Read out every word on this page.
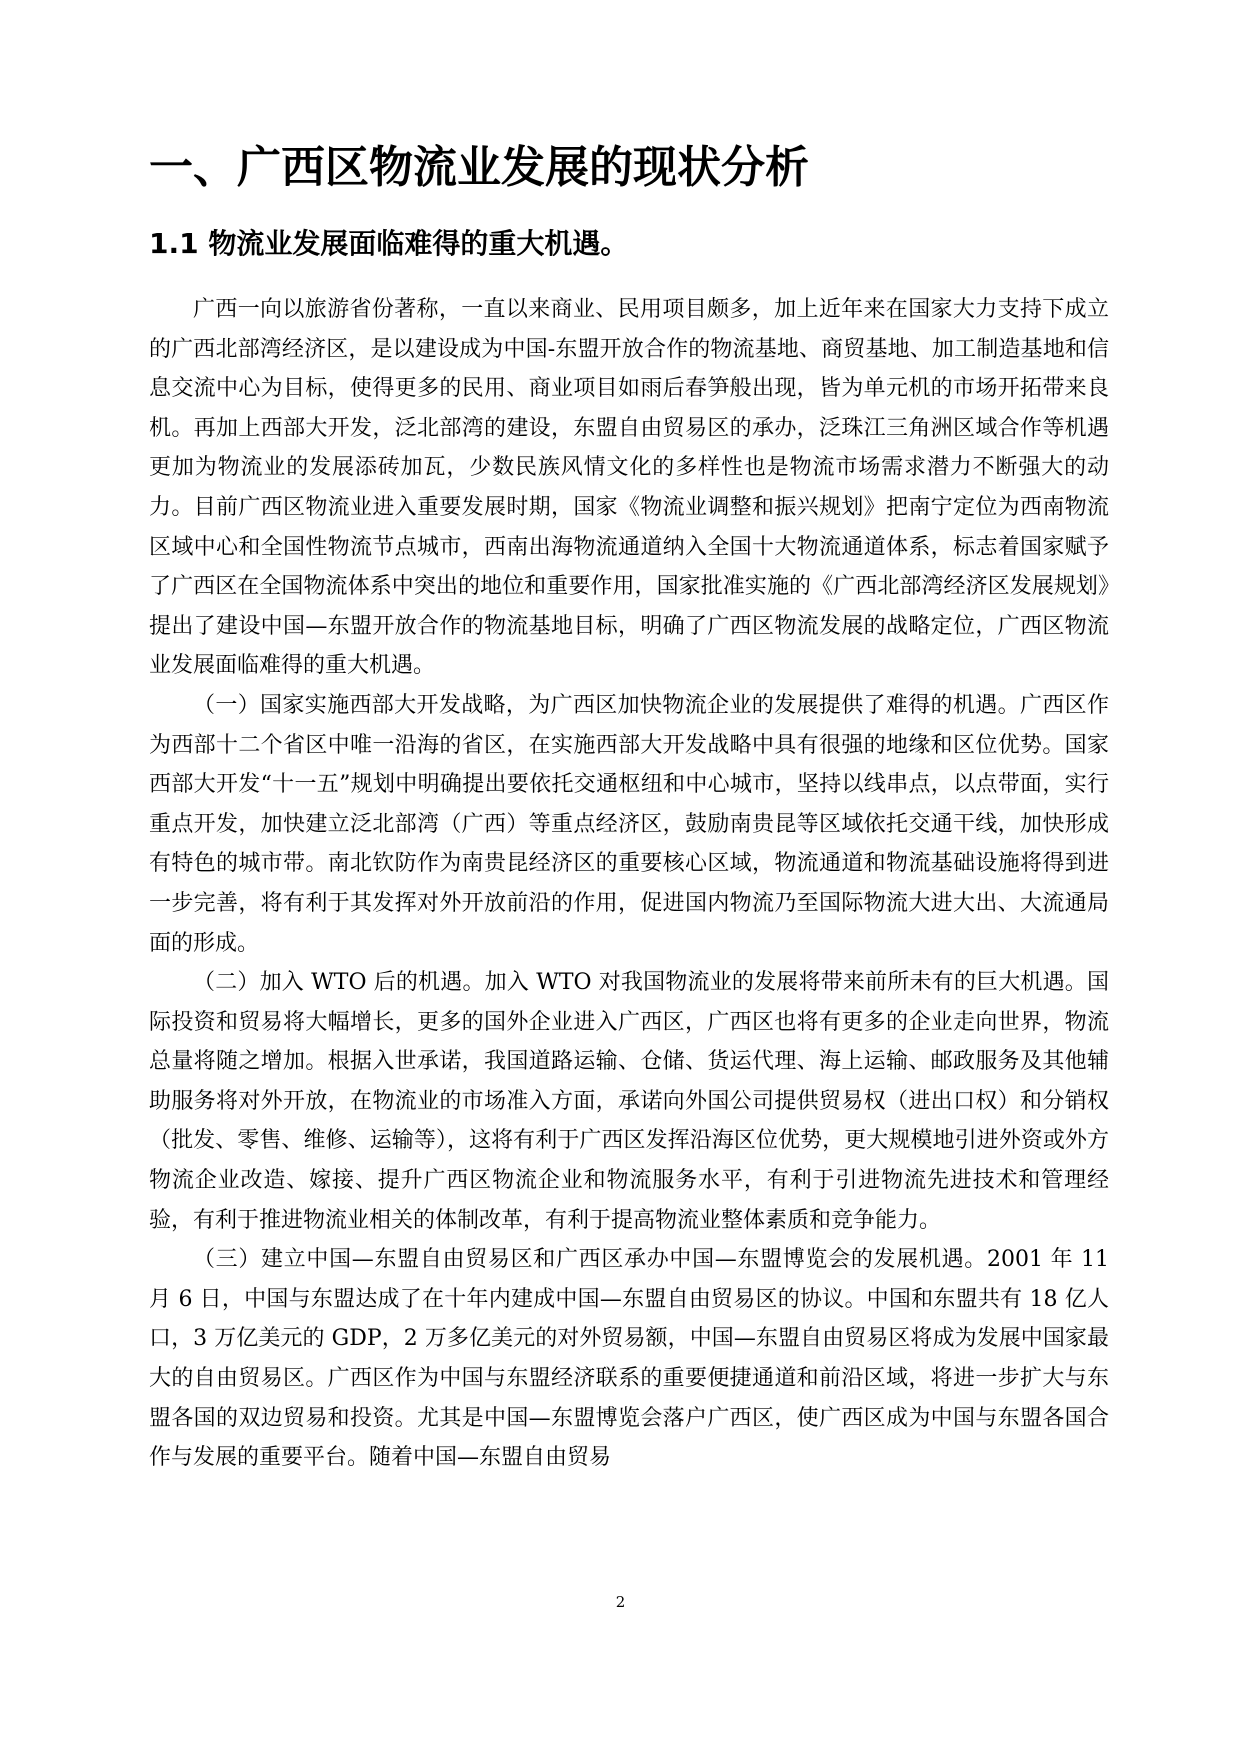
一、广西区物流业发展的现状分析
1.1 物流业发展面临难得的重大机遇。

广西一向以旅游省份著称，一直以来商业、民用项目颇多，加上近年来在国家大力支持下成立的广西北部湾经济区，是以建设成为中国-东盟开放合作的物流基地、商贸基地、加工制造基地和信息交流中心为目标，使得更多的民用、商业项目如雨后春笋般出现，皆为单元机的市场开拓带来良机。再加上西部大开发，泛北部湾的建设，东盟自由贸易区的承办，泛珠江三角洲区域合作等机遇更加为物流业的发展添砖加瓦，少数民族风情文化的多样性也是物流市场需求潜力不断强大的动力。目前广西区物流业进入重要发展时期，国家《物流业调整和振兴规划》把南宁定位为西南物流区域中心和全国性物流节点城市，西南出海物流通道纳入全国十大物流通道体系，标志着国家赋予了广西区在全国物流体系中突出的地位和重要作用，国家批准实施的《广西北部湾经济区发展规划》提出了建设中国—东盟开放合作的物流基地目标，明确了广西区物流发展的战略定位，广西区物流业发展面临难得的重大机遇。

（一）国家实施西部大开发战略，为广西区加快物流企业的发展提供了难得的机遇。广西区作为西部十二个省区中唯一沿海的省区，在实施西部大开发战略中具有很强的地缘和区位优势。国家西部大开发“十一五”规划中明确提出要依托交通枢纽和中心城市，坚持以线串点，以点带面，实行重点开发，加快建立泛北部湾（广西）等重点经济区，鼓励南贵昆等区域依托交通干线，加快形成有特色的城市带。南北钦防作为南贵昆经济区的重要核心区域，物流通道和物流基础设施将得到进一步完善，将有利于其发挥对外开放前沿的作用，促进国内物流乃至国际物流大进大出、大流通局面的形成。

（二）加入 WTO 后的机遇。加入 WTO 对我国物流业的发展将带来前所未有的巨大机遇。国际投资和贸易将大幅增长，更多的国外企业进入广西区，广西区也将有更多的企业走向世界，物流总量将随之增加。根据入世承诺，我国道路运输、仓储、货运代理、海上运输、邮政服务及其他辅助服务将对外开放，在物流业的市场准入方面，承诺向外国公司提供贸易权（进出口权）和分销权（批发、零售、维修、运输等），这将有利于广西区发挥沿海区位优势，更大规模地引进外资或外方物流企业改造、嫁接、提升广西区物流企业和物流服务水平，有利于引进物流先进技术和管理经验，有利于推进物流业相关的体制改革，有利于提高物流业整体素质和竞争能力。

（三）建立中国—东盟自由贸易区和广西区承办中国—东盟博览会的发展机遇。2001 年 11 月 6 日，中国与东盟达成了在十年内建成中国—东盟自由贸易区的协议。中国和东盟共有 18 亿人口，3 万亿美元的 GDP，2 万多亿美元的对外贸易额，中国—东盟自由贸易区将成为发展中国家最大的自由贸易区。广西区作为中国与东盟经济联系的重要便捷通道和前沿区域，将进一步扩大与东盟各国的双边贸易和投资。尤其是中国—东盟博览会落户广西区，使广西区成为中国与东盟各国合作与发展的重要平台。随着中国—东盟自由贸易

2
